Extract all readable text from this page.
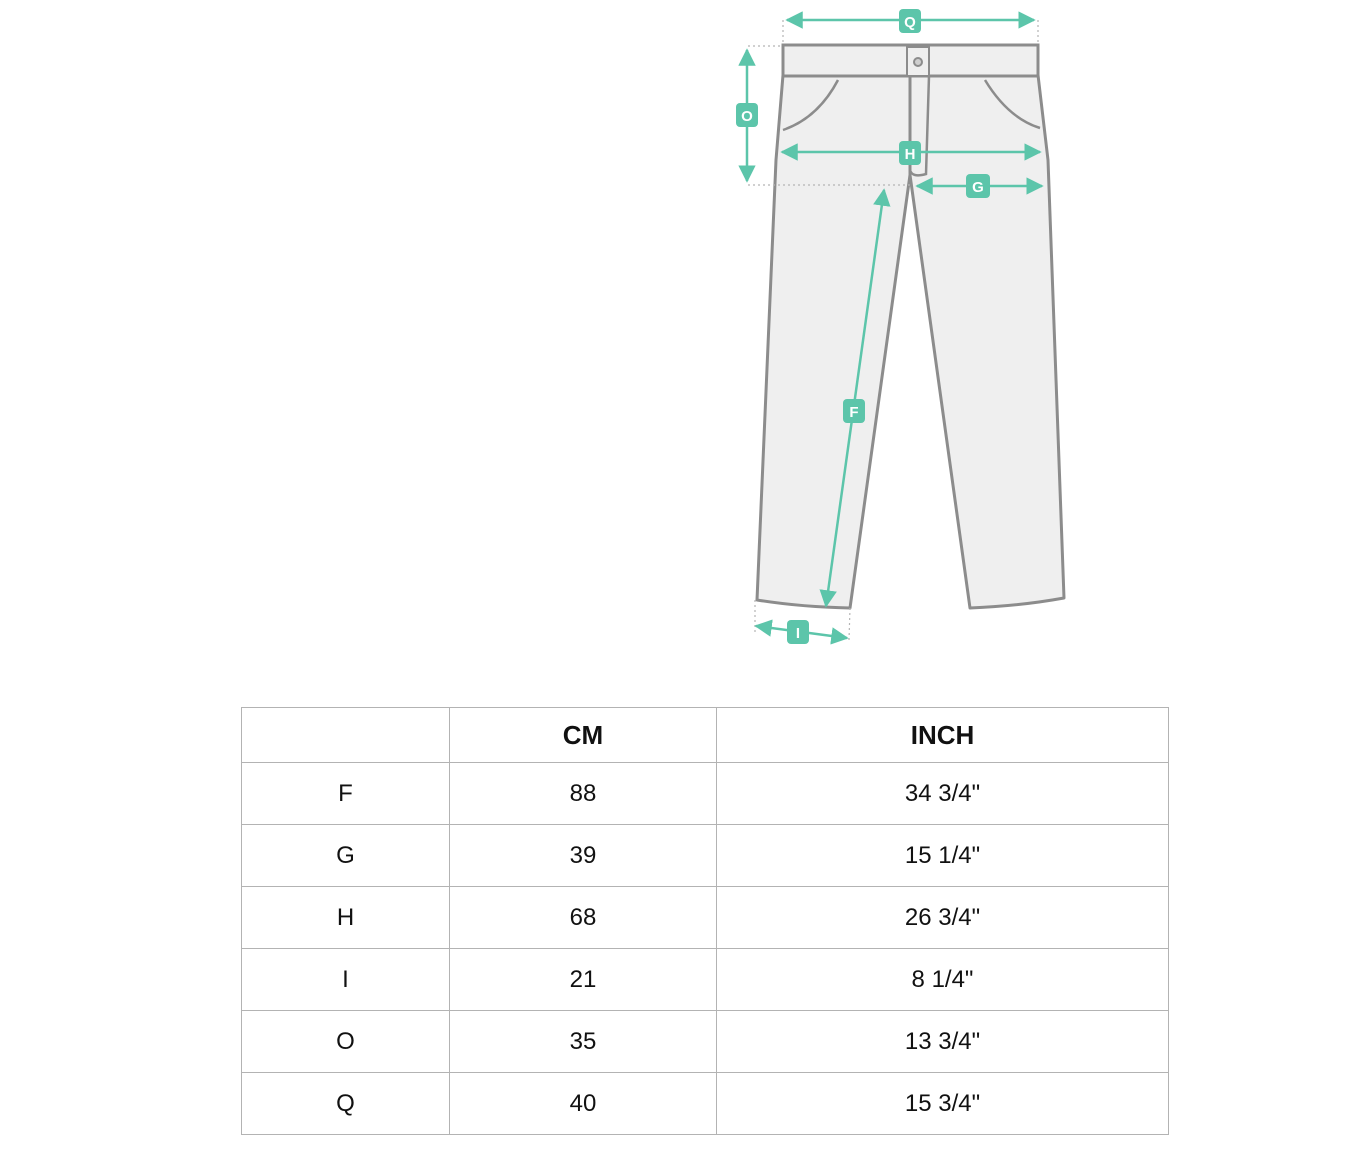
Q
O
H
G
F
I
	CM	INCH
F	88	34 3/4"
G	39	15 1/4"
H	68	26 3/4"
I	21	8 1/4"
O	35	13 3/4"
Q	40	15 3/4"
